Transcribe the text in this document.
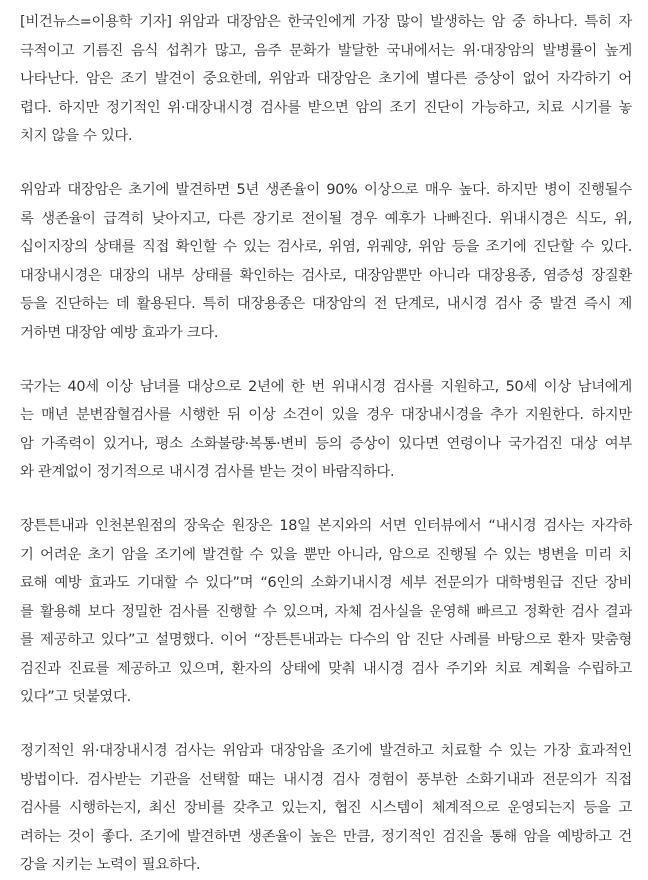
[비건뉴스=이용학 기자] 위암과 대장암은 한국인에게 가장 많이 발생하는 암 중 하나다. 특히 자
극적이고 기름진 음식 섭취가 많고, 음주 문화가 발달한 국내에서는 위·대장암의 발병률이 높게
나타난다. 암은 조기 발견이 중요한데, 위암과 대장암은 초기에 별다른 증상이 없어 자각하기 어
렵다. 하지만 정기적인 위·대장내시경 검사를 받으면 암의 조기 진단이 가능하고, 치료 시기를 놓
치지 않을 수 있다.

위암과 대장암은 초기에 발견하면 5년 생존율이 90% 이상으로 매우 높다. 하지만 병이 진행될수
록 생존율이 급격히 낮아지고, 다른 장기로 전이될 경우 예후가 나빠진다. 위내시경은 식도, 위,
십이지장의 상태를 직접 확인할 수 있는 검사로, 위염, 위궤양, 위암 등을 조기에 진단할 수 있다.
대장내시경은 대장의 내부 상태를 확인하는 검사로, 대장암뿐만 아니라 대장용종, 염증성 장질환
등을 진단하는 데 활용된다. 특히 대장용종은 대장암의 전 단계로, 내시경 검사 중 발견 즉시 제
거하면 대장암 예방 효과가 크다.

국가는 40세 이상 남녀를 대상으로 2년에 한 번 위내시경 검사를 지원하고, 50세 이상 남녀에게
는 매년 분변잠혈검사를 시행한 뒤 이상 소견이 있을 경우 대장내시경을 추가 지원한다. 하지만
암 가족력이 있거나, 평소 소화불량·복통·변비 등의 증상이 있다면 연령이나 국가검진 대상 여부
와 관계없이 정기적으로 내시경 검사를 받는 것이 바람직하다.

장튼튼내과 인천본원점의 장욱순 원장은 18일 본지와의 서면 인터뷰에서 “내시경 검사는 자각하
기 어려운 초기 암을 조기에 발견할 수 있을 뿐만 아니라, 암으로 진행될 수 있는 병변을 미리 치
료해 예방 효과도 기대할 수 있다”며 “6인의 소화기내시경 세부 전문의가 대학병원급 진단 장비
를 활용해 보다 정밀한 검사를 진행할 수 있으며, 자체 검사실을 운영해 빠르고 정확한 검사 결과
를 제공하고 있다”고 설명했다. 이어 “장튼튼내과는 다수의 암 진단 사례를 바탕으로 환자 맞춤형
검진과 진료를 제공하고 있으며, 환자의 상태에 맞춰 내시경 검사 주기와 치료 계획을 수립하고
있다”고 덧붙였다.

정기적인 위·대장내시경 검사는 위암과 대장암을 조기에 발견하고 치료할 수 있는 가장 효과적인
방법이다. 검사받는 기관을 선택할 때는 내시경 검사 경험이 풍부한 소화기내과 전문의가 직접
검사를 시행하는지, 최신 장비를 갖추고 있는지, 협진 시스템이 체계적으로 운영되는지 등을 고
려하는 것이 좋다. 조기에 발견하면 생존율이 높은 만큼, 정기적인 검진을 통해 암을 예방하고 건
강을 지키는 노력이 필요하다.
